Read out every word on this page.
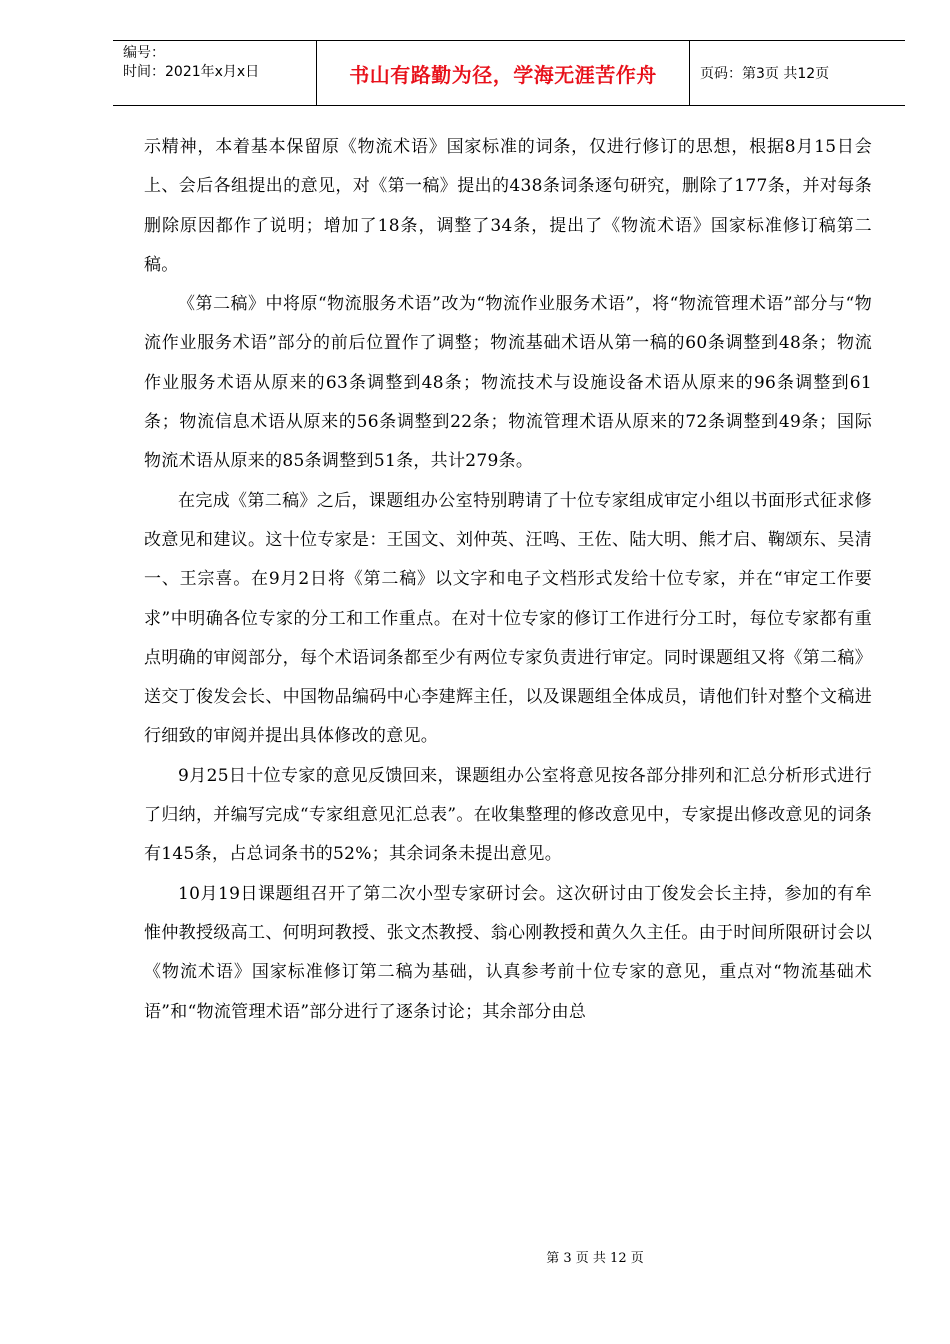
编号：
时间：2021年x月x日	书山有路勤为径，学海无涯苦作舟	页码：第3页 共12页

示精神，本着基本保留原《物流术语》国家标准的词条，仅进行修订的思想，根据8月15日会上、会后各组提出的意见，对《第一稿》提出的438条词条逐句研究，删除了177条，并对每条删除原因都作了说明；增加了18条，调整了34条，提出了《物流术语》国家标准修订稿第二稿。

《第二稿》中将原“物流服务术语”改为“物流作业服务术语”，将“物流管理术语”部分与“物流作业服务术语”部分的前后位置作了调整；物流基础术语从第一稿的60条调整到48条；物流作业服务术语从原来的63条调整到48条；物流技术与设施设备术语从原来的96条调整到61条；物流信息术语从原来的56条调整到22条；物流管理术语从原来的72条调整到49条；国际物流术语从原来的85条调整到51条，共计279条。

在完成《第二稿》之后，课题组办公室特别聘请了十位专家组成审定小组以书面形式征求修改意见和建议。这十位专家是：王国文、刘仲英、汪鸣、王佐、陆大明、熊才启、鞠颂东、吴清一、王宗喜。在9月2日将《第二稿》以文字和电子文档形式发给十位专家，并在“审定工作要求”中明确各位专家的分工和工作重点。在对十位专家的修订工作进行分工时，每位专家都有重点明确的审阅部分，每个术语词条都至少有两位专家负责进行审定。同时课题组又将《第二稿》送交丁俊发会长、中国物品编码中心李建辉主任，以及课题组全体成员，请他们针对整个文稿进行细致的审阅并提出具体修改的意见。

9月25日十位专家的意见反馈回来，课题组办公室将意见按各部分排列和汇总分析形式进行了归纳，并编写完成“专家组意见汇总表”。在收集整理的修改意见中，专家提出修改意见的词条有145条，占总词条书的52%；其余词条未提出意见。

10月19日课题组召开了第二次小型专家研讨会。这次研讨由丁俊发会长主持，参加的有牟惟仲教授级高工、何明珂教授、张文杰教授、翁心刚教授和黄久久主任。由于时间所限研讨会以《物流术语》国家标准修订第二稿为基础，认真参考前十位专家的意见，重点对“物流基础术语”和“物流管理术语”部分进行了逐条讨论；其余部分由总

第 3 页 共 12 页
